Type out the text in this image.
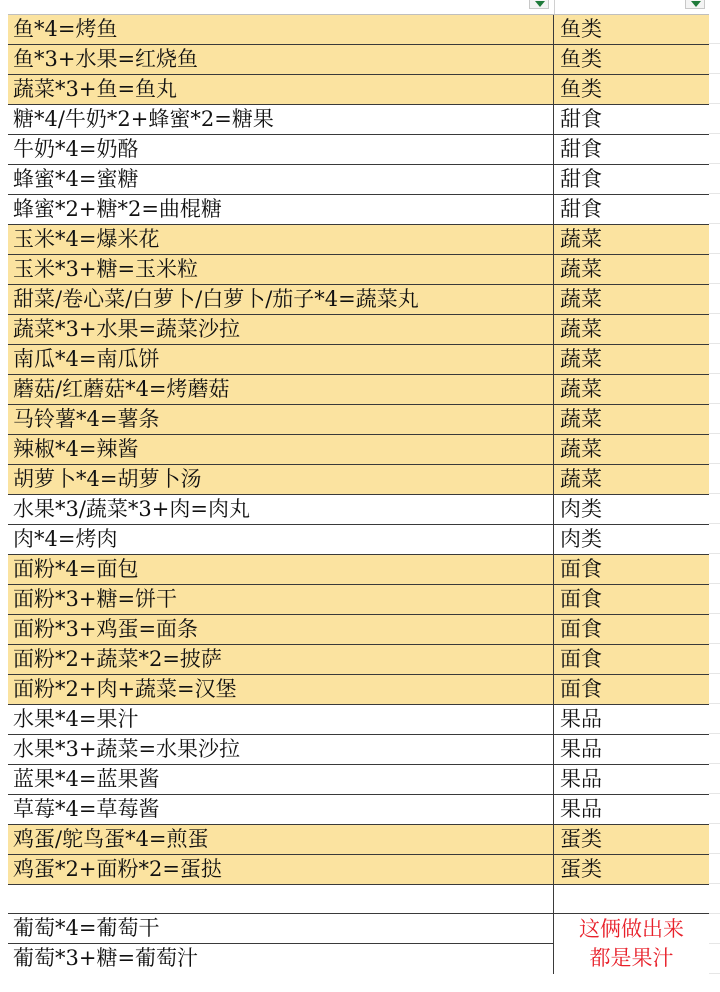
鱼*4=烤鱼	鱼类
鱼*3+水果=红烧鱼	鱼类
蔬菜*3+鱼=鱼丸	鱼类
糖*4/牛奶*2+蜂蜜*2=糖果	甜食
牛奶*4=奶酪	甜食
蜂蜜*4=蜜糖	甜食
蜂蜜*2+糖*2=曲棍糖	甜食
玉米*4=爆米花	蔬菜
玉米*3+糖=玉米粒	蔬菜
甜菜/卷心菜/白萝卜/白萝卜/茄子*4=蔬菜丸	蔬菜
蔬菜*3+水果=蔬菜沙拉	蔬菜
南瓜*4=南瓜饼	蔬菜
蘑菇/红蘑菇*4=烤蘑菇	蔬菜
马铃薯*4=薯条	蔬菜
辣椒*4=辣酱	蔬菜
胡萝卜*4=胡萝卜汤	蔬菜
水果*3/蔬菜*3+肉=肉丸	肉类
肉*4=烤肉	肉类
面粉*4=面包	面食
面粉*3+糖=饼干	面食
面粉*3+鸡蛋=面条	面食
面粉*2+蔬菜*2=披萨	面食
面粉*2+肉+蔬菜=汉堡	面食
水果*4=果汁	果品
水果*3+蔬菜=水果沙拉	果品
蓝果*4=蓝果酱	果品
草莓*4=草莓酱	果品
鸡蛋/鸵鸟蛋*4=煎蛋	蛋类
鸡蛋*2+面粉*2=蛋挞	蛋类
葡萄*4=葡萄干
葡萄*3+糖=葡萄汁
这俩做出来
都是果汁
